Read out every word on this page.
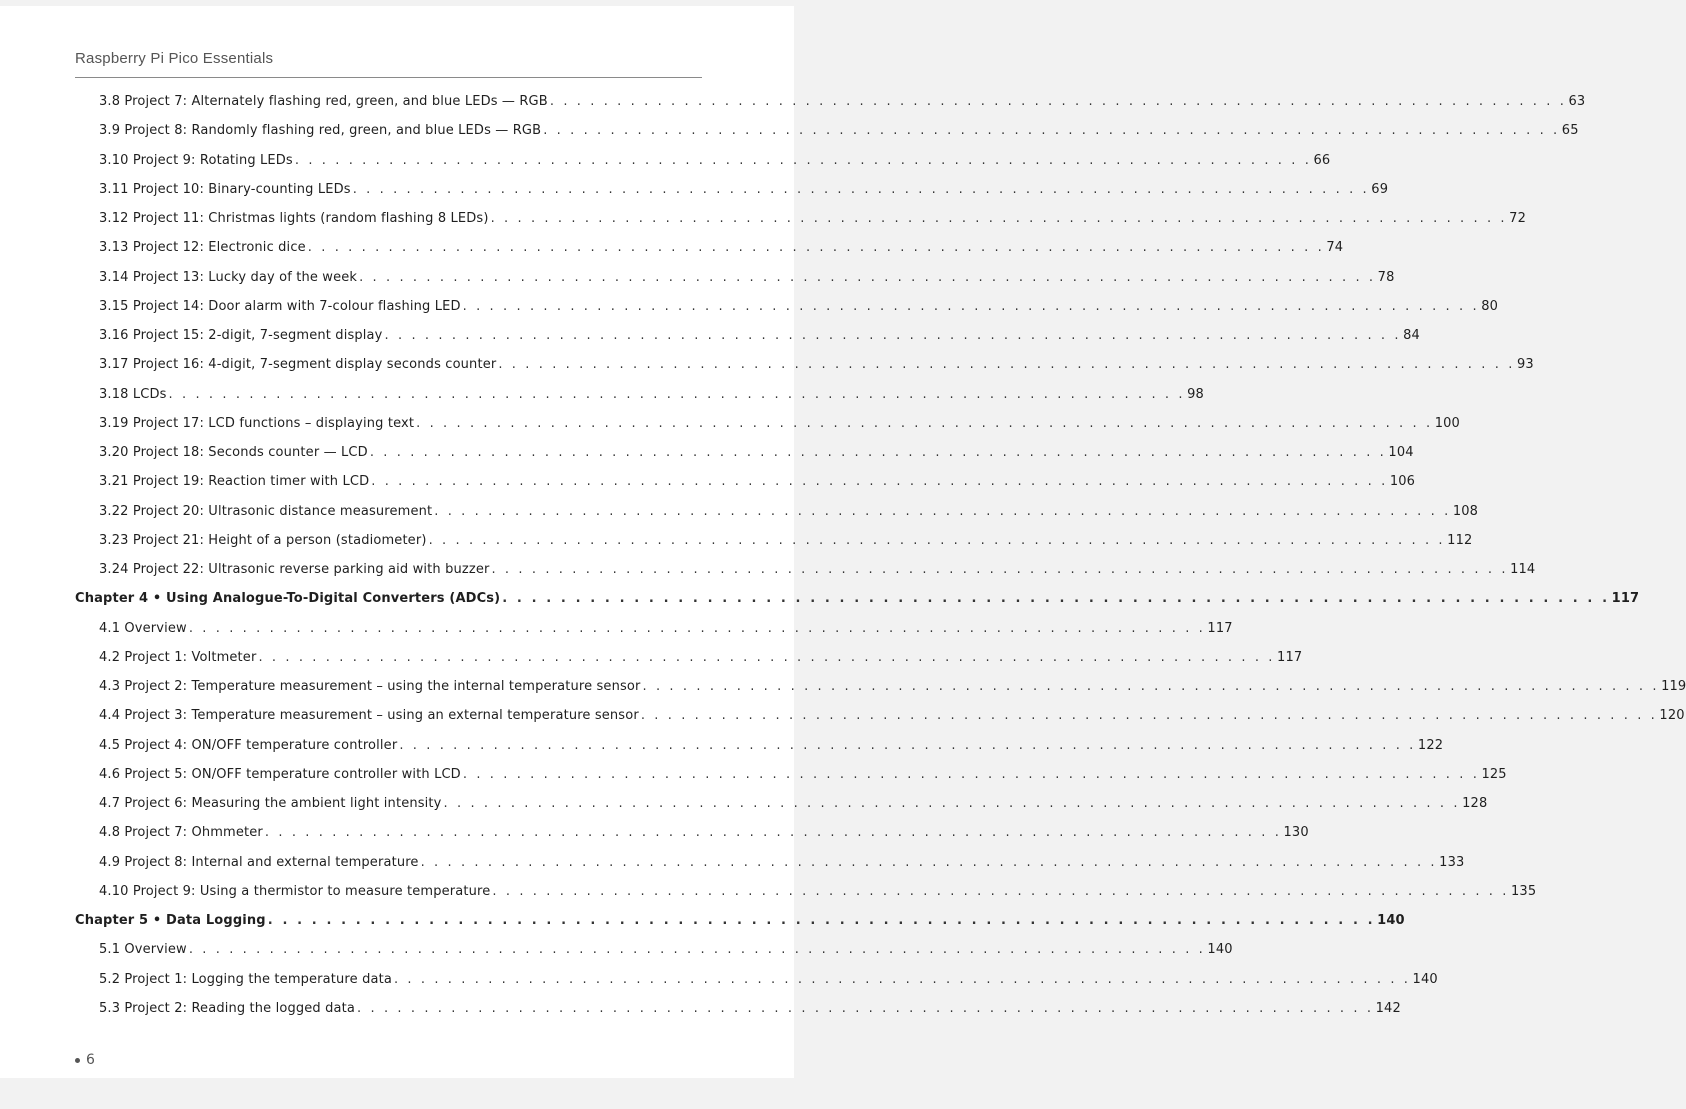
Raspberry Pi Pico Essentials
3.8 Project 7: Alternately flashing red, green, and blue LEDs — RGB . . . . . . . . . . . . . . . . . . . . . . . . . . . . . . . . . . . . . . . . . . . . . . . . . . . . . . . . . . . . . . . . . . . . . . . . . . . . 63
3.9 Project 8: Randomly flashing red, green, and blue LEDs — RGB . . . . . . . . . . . . . . . . . . . . . . . . . . . . . . . . . . . . . . . . . . . . . . . . . . . . . . . . . . . . . . . . . . . . . . . . . . . . 65
3.10 Project 9: Rotating LEDs . . . . . . . . . . . . . . . . . . . . . . . . . . . . . . . . . . . . . . . . . . . . . . . . . . . . . . . . . . . . . . . . . . . . . . . . . . . . 66
3.11 Project 10: Binary-counting LEDs . . . . . . . . . . . . . . . . . . . . . . . . . . . . . . . . . . . . . . . . . . . . . . . . . . . . . . . . . . . . . . . . . . . . . . . . . . . . 69
3.12 Project 11: Christmas lights (random flashing 8 LEDs) . . . . . . . . . . . . . . . . . . . . . . . . . . . . . . . . . . . . . . . . . . . . . . . . . . . . . . . . . . . . . . . . . . . . . . . . . . . . 72
3.13 Project 12: Electronic dice . . . . . . . . . . . . . . . . . . . . . . . . . . . . . . . . . . . . . . . . . . . . . . . . . . . . . . . . . . . . . . . . . . . . . . . . . . . . 74
3.14 Project 13: Lucky day of the week . . . . . . . . . . . . . . . . . . . . . . . . . . . . . . . . . . . . . . . . . . . . . . . . . . . . . . . . . . . . . . . . . . . . . . . . . . . . 78
3.15 Project 14: Door alarm with 7-colour flashing LED . . . . . . . . . . . . . . . . . . . . . . . . . . . . . . . . . . . . . . . . . . . . . . . . . . . . . . . . . . . . . . . . . . . . . . . . . . . . 80
3.16 Project 15: 2-digit, 7-segment display . . . . . . . . . . . . . . . . . . . . . . . . . . . . . . . . . . . . . . . . . . . . . . . . . . . . . . . . . . . . . . . . . . . . . . . . . . . . 84
3.17 Project 16: 4-digit, 7-segment display seconds counter . . . . . . . . . . . . . . . . . . . . . . . . . . . . . . . . . . . . . . . . . . . . . . . . . . . . . . . . . . . . . . . . . . . . . . . . . . . . 93
3.18 LCDs . . . . . . . . . . . . . . . . . . . . . . . . . . . . . . . . . . . . . . . . . . . . . . . . . . . . . . . . . . . . . . . . . . . . . . . . . . . . 98
3.19 Project 17: LCD functions – displaying text . . . . . . . . . . . . . . . . . . . . . . . . . . . . . . . . . . . . . . . . . . . . . . . . . . . . . . . . . . . . . . . . . . . . . . . . . . . . 100
3.20 Project 18: Seconds counter — LCD . . . . . . . . . . . . . . . . . . . . . . . . . . . . . . . . . . . . . . . . . . . . . . . . . . . . . . . . . . . . . . . . . . . . . . . . . . . . 104
3.21 Project 19: Reaction timer with LCD . . . . . . . . . . . . . . . . . . . . . . . . . . . . . . . . . . . . . . . . . . . . . . . . . . . . . . . . . . . . . . . . . . . . . . . . . . . . 106
3.22 Project 20: Ultrasonic distance measurement . . . . . . . . . . . . . . . . . . . . . . . . . . . . . . . . . . . . . . . . . . . . . . . . . . . . . . . . . . . . . . . . . . . . . . . . . . . . 108
3.23 Project 21: Height of a person (stadiometer) . . . . . . . . . . . . . . . . . . . . . . . . . . . . . . . . . . . . . . . . . . . . . . . . . . . . . . . . . . . . . . . . . . . . . . . . . . . . 112
3.24 Project 22: Ultrasonic reverse parking aid with buzzer . . . . . . . . . . . . . . . . . . . . . . . . . . . . . . . . . . . . . . . . . . . . . . . . . . . . . . . . . . . . . . . . . . . . . . . . . . . . 114
Chapter 4 • Using Analogue-To-Digital Converters (ADCs) . . . . . . . . . . . . . . . . . . . . . . . . . . . . . . . . . . . . . . . . . . . . . . . . . . . . . . . . . . . . . . . . . . . . . . . . . . . . 117
4.1 Overview . . . . . . . . . . . . . . . . . . . . . . . . . . . . . . . . . . . . . . . . . . . . . . . . . . . . . . . . . . . . . . . . . . . . . . . . . . . . 117
4.2 Project 1: Voltmeter . . . . . . . . . . . . . . . . . . . . . . . . . . . . . . . . . . . . . . . . . . . . . . . . . . . . . . . . . . . . . . . . . . . . . . . . . . . . 117
4.3 Project 2: Temperature measurement – using the internal temperature sensor . . . . . . . . . . . . . . . . . . . . . . . . . . . . . . . . . . . . . . . . . . . . . . . . . . . . . . . . . . . . . . . . . . . . . . . . . . . . 119
4.4 Project 3: Temperature measurement – using an external temperature sensor . . . . . . . . . . . . . . . . . . . . . . . . . . . . . . . . . . . . . . . . . . . . . . . . . . . . . . . . . . . . . . . . . . . . . . . . . . . . 120
4.5 Project 4: ON/OFF temperature controller . . . . . . . . . . . . . . . . . . . . . . . . . . . . . . . . . . . . . . . . . . . . . . . . . . . . . . . . . . . . . . . . . . . . . . . . . . . . 122
4.6 Project 5: ON/OFF temperature controller with LCD . . . . . . . . . . . . . . . . . . . . . . . . . . . . . . . . . . . . . . . . . . . . . . . . . . . . . . . . . . . . . . . . . . . . . . . . . . . . 125
4.7 Project 6: Measuring the ambient light intensity . . . . . . . . . . . . . . . . . . . . . . . . . . . . . . . . . . . . . . . . . . . . . . . . . . . . . . . . . . . . . . . . . . . . . . . . . . . . 128
4.8 Project 7: Ohmmeter . . . . . . . . . . . . . . . . . . . . . . . . . . . . . . . . . . . . . . . . . . . . . . . . . . . . . . . . . . . . . . . . . . . . . . . . . . . . 130
4.9 Project 8: Internal and external temperature . . . . . . . . . . . . . . . . . . . . . . . . . . . . . . . . . . . . . . . . . . . . . . . . . . . . . . . . . . . . . . . . . . . . . . . . . . . . 133
4.10 Project 9: Using a thermistor to measure temperature . . . . . . . . . . . . . . . . . . . . . . . . . . . . . . . . . . . . . . . . . . . . . . . . . . . . . . . . . . . . . . . . . . . . . . . . . . . . 135
Chapter 5 • Data Logging . . . . . . . . . . . . . . . . . . . . . . . . . . . . . . . . . . . . . . . . . . . . . . . . . . . . . . . . . . . . . . . . . . . . . . . . . . . . 140
5.1 Overview . . . . . . . . . . . . . . . . . . . . . . . . . . . . . . . . . . . . . . . . . . . . . . . . . . . . . . . . . . . . . . . . . . . . . . . . . . . . 140
5.2 Project 1: Logging the temperature data . . . . . . . . . . . . . . . . . . . . . . . . . . . . . . . . . . . . . . . . . . . . . . . . . . . . . . . . . . . . . . . . . . . . . . . . . . . . 140
5.3 Project 2: Reading the logged data . . . . . . . . . . . . . . . . . . . . . . . . . . . . . . . . . . . . . . . . . . . . . . . . . . . . . . . . . . . . . . . . . . . . . . . . . . . . 142
6
